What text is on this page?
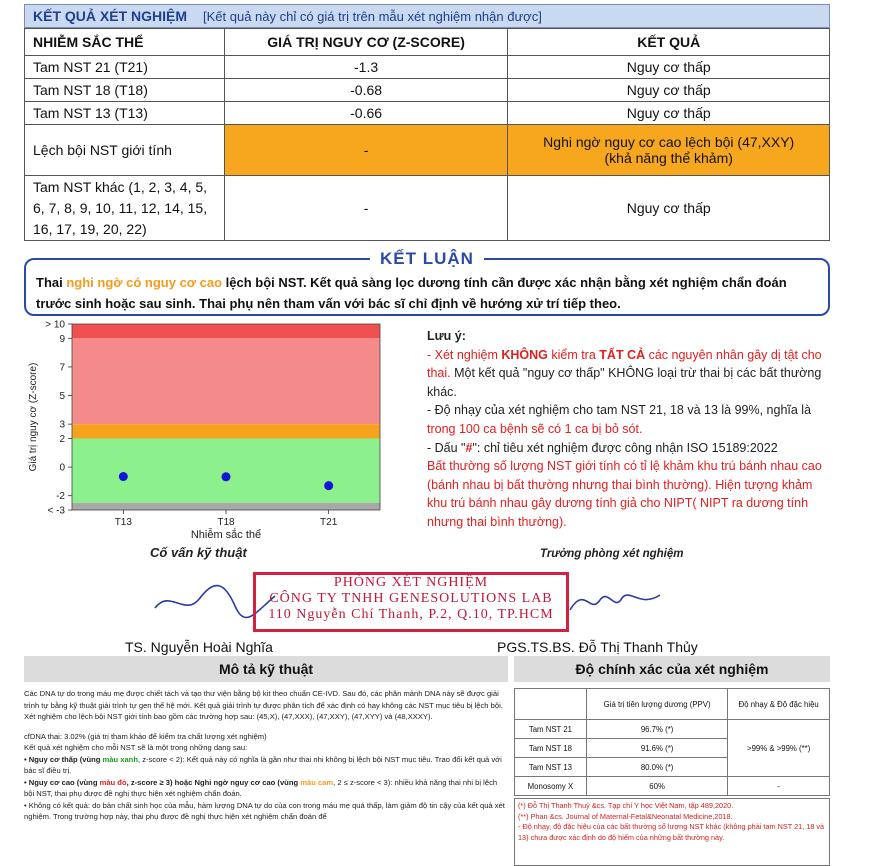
KẾT QUẢ XÉT NGHIỆM [Kết quả này chỉ có giá trị trên mẫu xét nghiệm nhận được]
NHIỄM SẮC THỂ	GIÁ TRỊ NGUY CƠ (Z-SCORE)	KẾT QUẢ
Tam NST 21 (T21)	-1.3	Nguy cơ thấp
Tam NST 18 (T18)	-0.68	Nguy cơ thấp
Tam NST 13 (T13)	-0.66	Nguy cơ thấp
Lệch bội NST giới tính	-	Nghi ngờ nguy cơ cao lệch bội (47,XXY)
(khả năng thể khảm)

Tam NST khác (1, 2, 3, 4, 5, 6, 7, 8, 9, 10, 11, 12, 14, 15, 16, 17, 19, 20, 22)	-	Nguy cơ thấp
KẾT LUẬN
Thai nghi ngờ có nguy cơ cao lệch bội NST. Kết quả sàng lọc dương tính cần được xác nhận bằng xét nghiệm chẩn đoán trước sinh hoặc sau sinh. Thai phụ nên tham vấn với bác sĩ chỉ định về hướng xử trí tiếp theo.
> 10
9
7
5
3
2
0
-2
< -3
T13	T18	T21
Nhiễm sắc thể
Giá trị nguy cơ (Z-score)
Lưu ý:
- Xét nghiệm KHÔNG kiểm tra TẤT CẢ các nguyên nhân gây dị tật cho thai. Một kết quả "nguy cơ thấp" KHÔNG loại trừ thai bị các bất thường khác.
- Độ nhạy của xét nghiệm cho tam NST 21, 18 và 13 là 99%, nghĩa là trong 100 ca bệnh sẽ có 1 ca bị bỏ sót.
- Dấu "#": chỉ tiêu xét nghiệm được công nhận ISO 15189:2022
Bất thường số lượng NST giới tính có tỉ lệ khảm khu trú bánh nhau cao (bánh nhau bị bất thường nhưng thai bình thường). Hiện tượng khảm khu trú bánh nhau gây dương tính giả cho NIPT( NIPT ra dương tính nhưng thai bình thường).
Cố vấn kỹ thuật	Trưởng phòng xét nghiệm
PHÒNG XÉT NGHIỆM
CÔNG TY TNHH GENESOLUTIONS LAB
110 Nguyễn Chí Thanh, P.2, Q.10, TP.HCM
TS. Nguyễn Hoài Nghĩa	PGS.TS.BS. Đỗ Thị Thanh Thủy
Mô tả kỹ thuật	Độ chính xác của xét nghiệm

Các DNA tự do trong máu mẹ được chiết tách và tạo thư viện bằng bộ kit theo chuẩn CE-IVD. Sau đó, các phân mảnh DNA này sẽ được giải trình tự bằng kỹ thuật giải trình tự gen thế hệ mới. Kết quả giải trình tự được phân tích để xác định có hay không các NST mục tiêu bị lệch bội. Xét nghiệm cho lệch bội NST giới tính bao gồm các trường hợp sau: (45,X), (47,XXX), (47,XXY), (47,XYY) và (48,XXXY).

cfDNA thai: 3.02% (giá trị tham khảo để kiểm tra chất lượng xét nghiệm)

Kết quả xét nghiệm cho mỗi NST sẽ là một trong những dạng sau:

• Nguy cơ thấp (vùng màu xanh, z-score < 2): Kết quả này có nghĩa là gần như thai nhi không bị lệch bội NST mục tiêu. Trao đổi kết quả với bác sĩ điều trị.

• Nguy cơ cao (vùng màu đỏ, z-score ≥ 3) hoặc Nghi ngờ nguy cơ cao (vùng màu cam, 2 ≤ z-score < 3): nhiều khả năng thai nhi bị lệch bội NST, thai phụ được đề nghị thực hiện xét nghiệm chẩn đoán.

• Không có kết quả: do bản chất sinh học của mẫu, hàm lượng DNA tự do của con trong máu mẹ quá thấp, làm giảm độ tin cậy của kết quả xét nghiệm. Trong trường hợp này, thai phụ được đề nghị thực hiện xét nghiệm chẩn đoán để

	Giá trị tiên lượng dương (PPV)	Độ nhạy & Độ đặc hiệu
Tam NST 21	96.7% (*)	>99% & >99% (**)
Tam NST 18	91.6% (*)	
Tam NST 13	80.0% (*)	
Monosomy X	60%	-
(*) Đỗ Thị Thanh Thuỷ &cs. Tạp chí Y học Việt Nam, tập 489,2020.
(**) Phan &cs. Journal of Maternal-Fetal&Neonatal Medicine,2018.
- Độ nhạy, độ đặc hiệu của các bất thường số lượng NST khác (không phải tam NST 21, 18 và 13) chưa được xác định do độ hiếm của những bất thường này.
